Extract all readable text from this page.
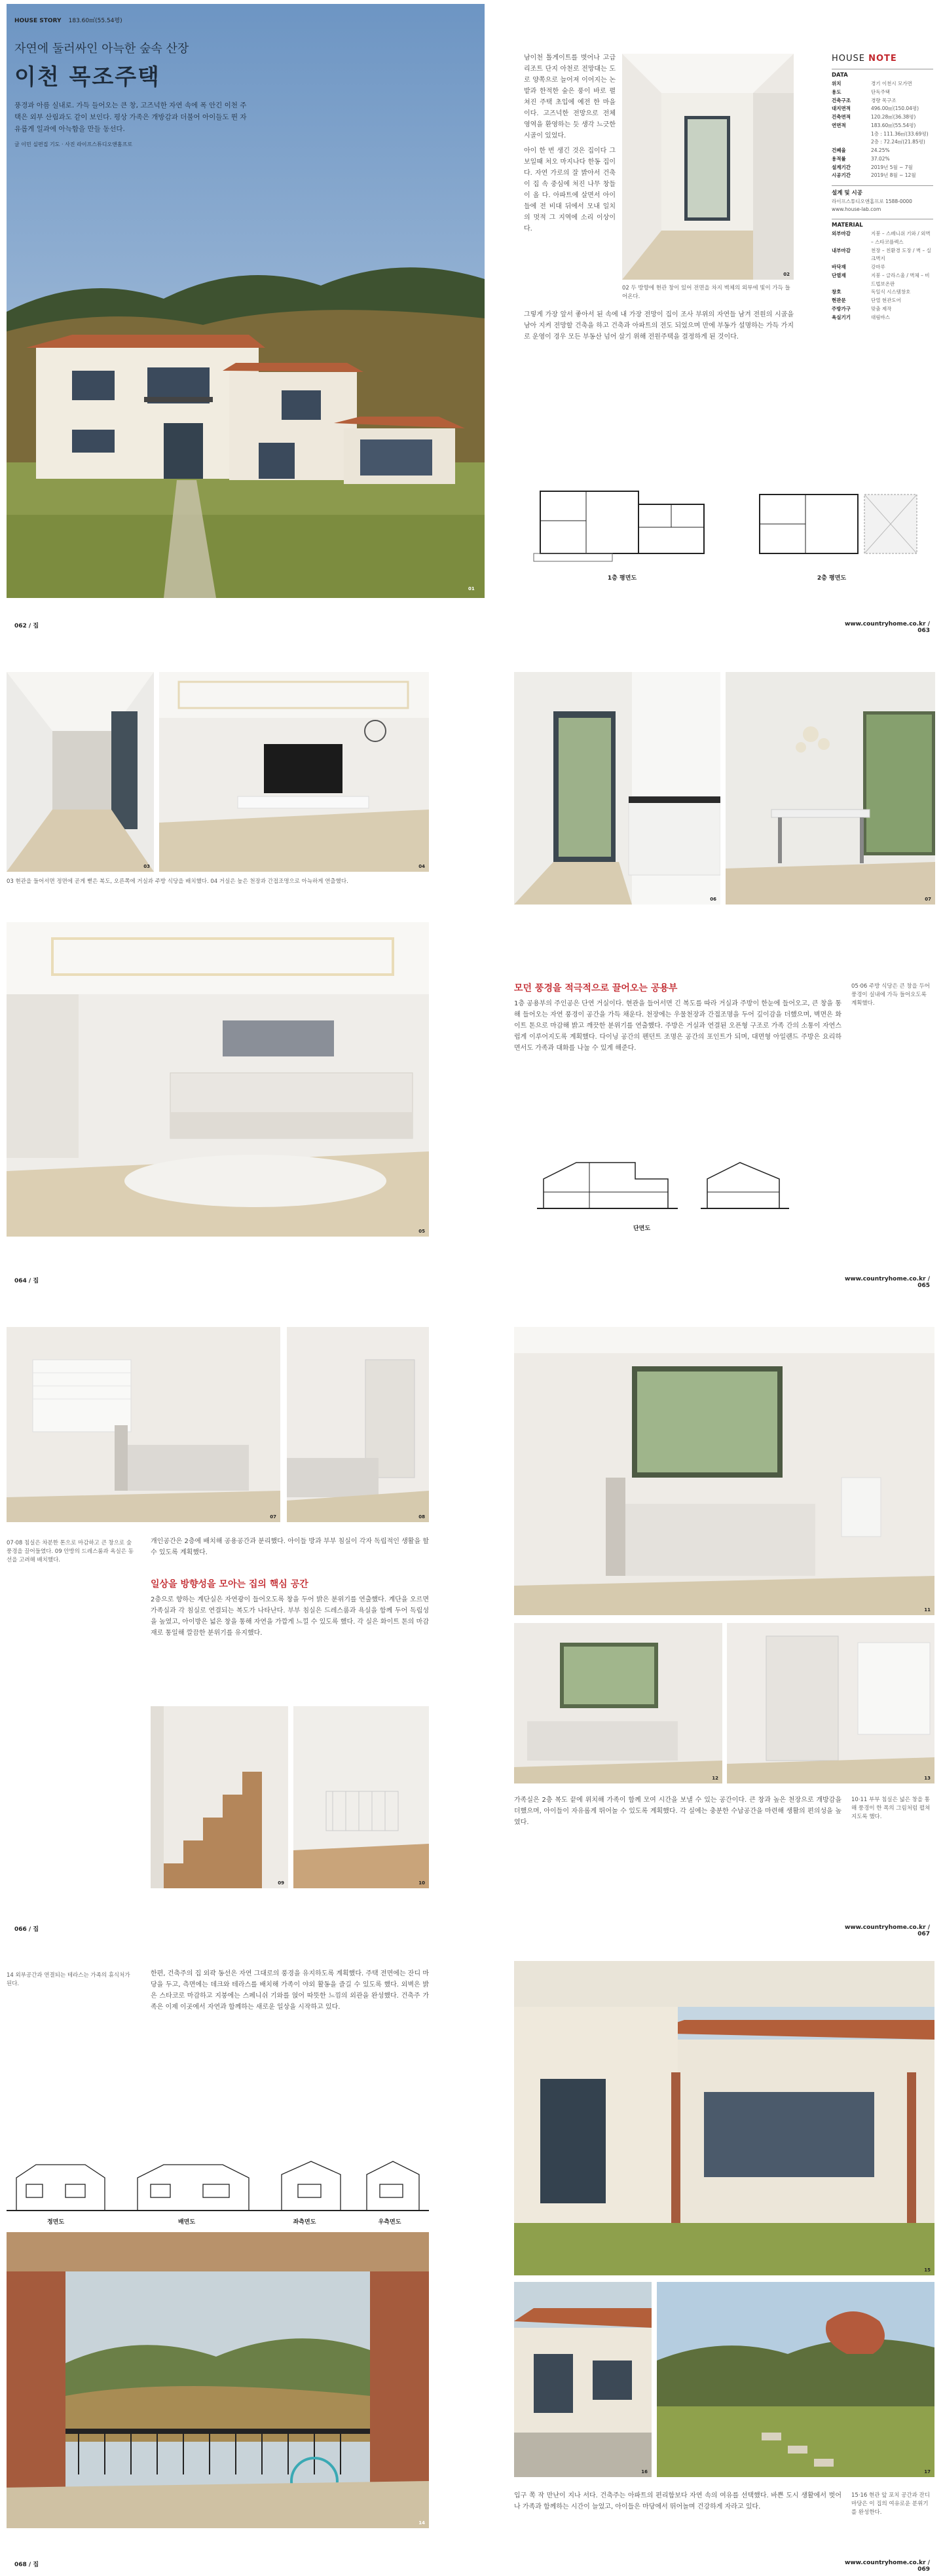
HOUSE STORY 183.60㎡(55.54평)
자연에 둘러싸인 아늑한 숲속 산장
이천 목조주택
풍경과 아름 실내로. 가득 들어오는 큰 창, 고즈넉한 자연 속에 폭 안긴 이천 주택은 외부 산림과도 같이 보인다. 평상 가족은 개방감과 더불어 아이들도 뛴 자유롭게 일과에 아늑함을 만들 동선다.
글 이민 실편집 기도 · 사진 라이프스튜디오앤홈프로
01
062 / 집

남이천 톨게이트를 벗어나 고급 리조트 단지 아천로 전망대는 도로 양쪽으로 늘어져 이어지는 논밭과 한적한 숲은 풍이 바로 펼쳐진 주택 초입에 예전 한 마을이다. 고즈넉한 전망으로 전체 영역을 환영하는 듯 생각 느긋한 시골이 있었다.

아이 한 번 생긴 것은 집이다 그 보일때 처오 마지나다 한동 집이다. 자연 가로의 잘 밝아서 건축이 집 속 중심에 처진 나무 창들이 올 다. 아파트에 살면서 아이들에 전 비대 뒤에서 모내 일치의 멋적 그 지역에 소리 이상이다.

02
02 두 방향에 현관 창이 있어 전면을 차지 벽체의 외부에 빛이 가득 들어온다.
그렇게 가장 앞서 좋아서 된 속에 내 가장 전망이 집이 조사 부위의 자연들 남겨 전원의 시골을 남아 지켜 전망할 건축을 하고 건축과 아파트의 전도 되었으며 만에 부동가 설명하는 가득 가지로 운영이 경우 모든 부동산 넘어 살기 위해 전원주택을 결정하게 된 것이다.
HOUSE NOTE
DATA
위치	경기 이천시 모가면
용도	단독주택
건축구조	경량 목구조
대지면적	496.00㎡(150.04평)
건축면적	120.28㎡(36.38평)
연면적	183.60㎡(55.54평)
1층 : 111.36㎡(33.69평)
2층 : 72.24㎡(21.85평)
건폐율	24.25%
용적률	37.02%
설계기간	2019년 5월 ~ 7월
시공기간	2019년 8월 ~ 12월
설계 및 시공
라이프스튜디오앤홈프로 1588-0000 www.house-lab.com
MATERIAL
외부마감	지붕 – 스페니쉬 기와 / 외벽 – 스타코플렉스
내부마감	천장 – 친환경 도장 / 벽 – 실크벽지
바닥재	강마루
단열재	지붕 – 글라스울 / 벽체 – 비드법보온판
창호	독일식 시스템창호
현관문	단열 현관도어
주방가구	맞춤 제작
욕실기기	대림바스
1층 평면도	2층 평면도
www.countryhome.co.kr / 063
03	04
03 현관을 들어서면 정면에 곧게 뻗은 복도, 오른쪽에 거실과 주방 식당을 배치했다. 04 거실은 높은 천장과 간접조명으로 아늑하게 연출했다.
05
064 / 집
06	07
모던 풍경을 적극적으로 끌어오는 공용부
1층 공용부의 주인공은 단연 거실이다. 현관을 들어서면 긴 복도를 따라 거실과 주방이 한눈에 들어오고, 큰 창을 통해 들어오는 자연 풍경이 공간을 가득 채운다. 천장에는 우물천장과 간접조명을 두어 깊이감을 더했으며, 벽면은 화이트 톤으로 마감해 밝고 깨끗한 분위기를 연출했다. 주방은 거실과 연결된 오픈형 구조로 가족 간의 소통이 자연스럽게 이루어지도록 계획했다. 다이닝 공간의 펜던트 조명은 공간의 포인트가 되며, 대면형 아일랜드 주방은 요리하면서도 가족과 대화를 나눌 수 있게 해준다.
05·06 주방 식당은 큰 창을 두어 풍경이 실내에 가득 들어오도록 계획했다.
단면도
www.countryhome.co.kr / 065
07	08
07·08 침실은 차분한 톤으로 마감하고 큰 창으로 숲 풍경을 끌어들였다. 09 안방의 드레스룸과 욕실은 동선을 고려해 배치했다.
개인공간은 2층에 배치해 공용공간과 분리했다. 아이들 방과 부부 침실이 각자 독립적인 생활을 할 수 있도록 계획했다.
일상을 방향성을 모아는 집의 핵심 공간
2층으로 향하는 계단실은 자연광이 들어오도록 창을 두어 밝은 분위기를 연출했다. 계단을 오르면 가족실과 각 침실로 연결되는 복도가 나타난다. 부부 침실은 드레스룸과 욕실을 함께 두어 독립성을 높였고, 아이방은 넓은 창을 통해 자연을 가깝게 느낄 수 있도록 했다. 각 실은 화이트 톤의 마감재로 통일해 깔끔한 분위기를 유지했다.
09	10
066 / 집
11
12	13
가족실은 2층 복도 끝에 위치해 가족이 함께 모여 시간을 보낼 수 있는 공간이다. 큰 창과 높은 천장으로 개방감을 더했으며, 아이들이 자유롭게 뛰어놀 수 있도록 계획했다. 각 실에는 충분한 수납공간을 마련해 생활의 편의성을 높였다.
10·11 부부 침실은 넓은 창을 통해 풍경이 한 폭의 그림처럼 펼쳐지도록 했다.
www.countryhome.co.kr / 067
14 외부공간과 연결되는 테라스는 가족의 휴식처가 된다.
한편, 건축주의 집 외곽 동선은 자연 그대로의 풍경을 유지하도록 계획했다. 주택 전면에는 잔디 마당을 두고, 측면에는 데크와 테라스를 배치해 가족이 야외 활동을 즐길 수 있도록 했다. 외벽은 밝은 스타코로 마감하고 지붕에는 스페니쉬 기와를 얹어 따뜻한 느낌의 외관을 완성했다. 건축주 가족은 이제 이곳에서 자연과 함께하는 새로운 일상을 시작하고 있다.
정면도	배면도	좌측면도	우측면도
14
068 / 집
15
16	17
입구 쪽 작 만난이 지나 서다. 건축주는 아파트의 편리함보다 자연 속의 여유를 선택했다. 바쁜 도시 생활에서 벗어나 가족과 함께하는 시간이 늘었고, 아이들은 마당에서 뛰어놀며 건강하게 자라고 있다.
15·16 현관 앞 포치 공간과 잔디 마당은 이 집의 여유로운 분위기를 완성한다.
www.countryhome.co.kr / 069
